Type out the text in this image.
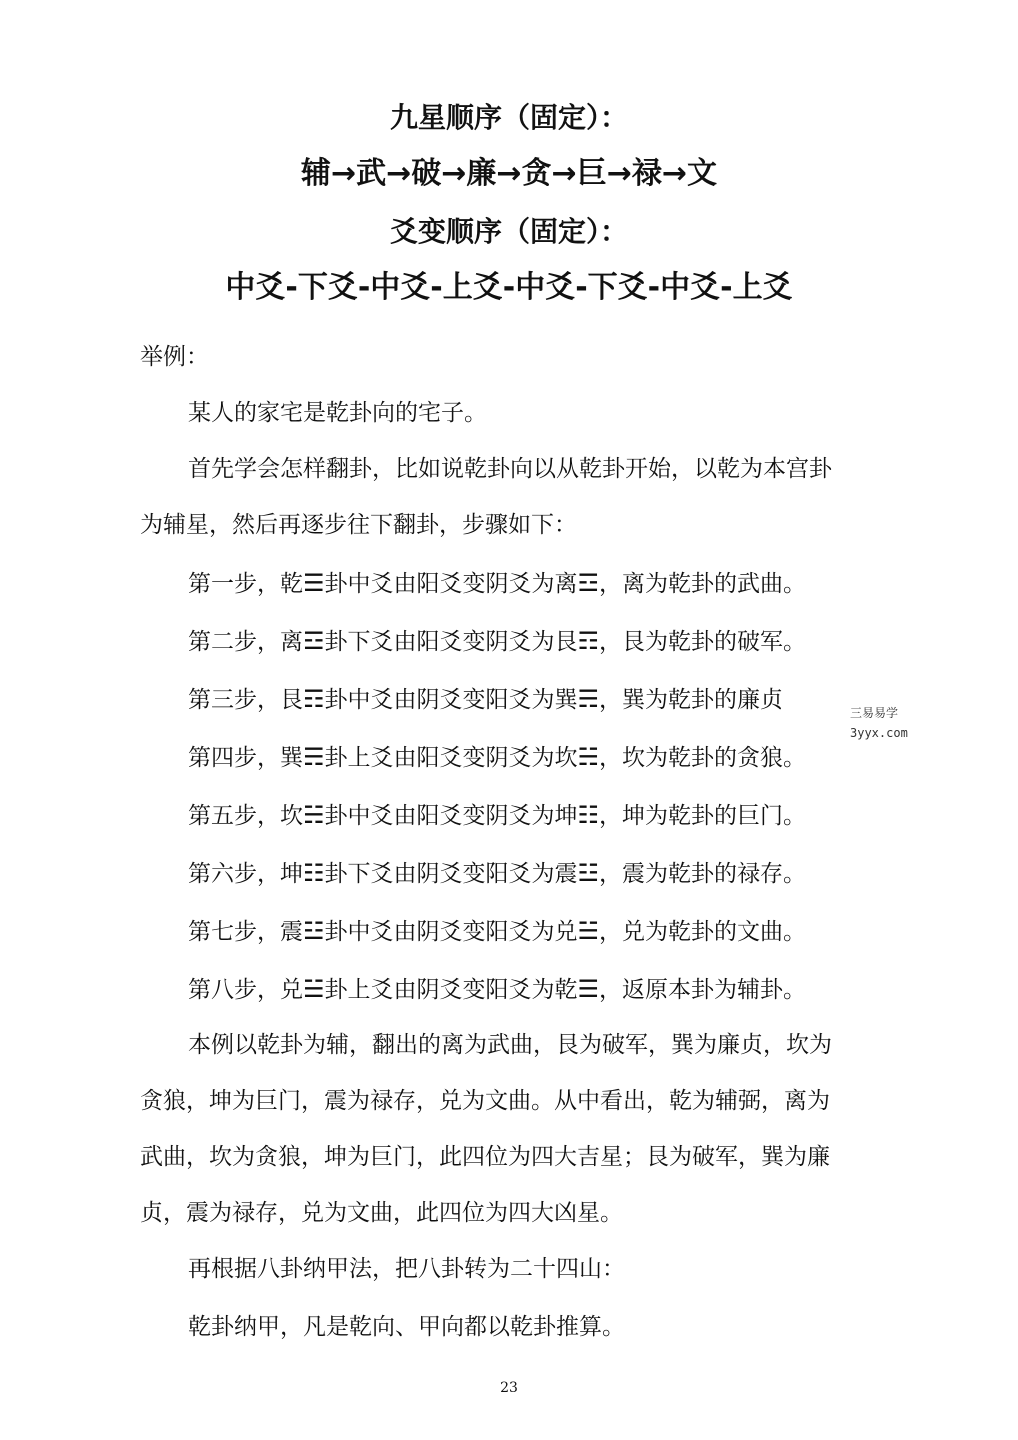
九星顺序（固定）：
辅→武→破→廉→贪→巨→禄→文
爻变顺序（固定）：
中爻-下爻-中爻-上爻-中爻-下爻-中爻-上爻
举例：
某人的家宅是乾卦向的宅子。
首先学会怎样翻卦，比如说乾卦向以从乾卦开始，以乾为本宫卦为辅星，然后再逐步往下翻卦，步骤如下：
第一步，乾☰卦中爻由阳爻变阴爻为离☲，离为乾卦的武曲。
第二步，离☲卦下爻由阳爻变阴爻为艮☶，艮为乾卦的破军。
第三步，艮☶卦中爻由阴爻变阳爻为巽☴，巽为乾卦的廉贞
第四步，巽☴卦上爻由阳爻变阴爻为坎☵，坎为乾卦的贪狼。
第五步，坎☵卦中爻由阳爻变阴爻为坤☷，坤为乾卦的巨门。
第六步，坤☷卦下爻由阴爻变阳爻为震☳，震为乾卦的禄存。
第七步，震☳卦中爻由阴爻变阳爻为兑☱，兑为乾卦的文曲。
第八步，兑☱卦上爻由阴爻变阳爻为乾☰，返原本卦为辅卦。
本例以乾卦为辅，翻出的离为武曲，艮为破军，巽为廉贞，坎为贪狼，坤为巨门，震为禄存，兑为文曲。从中看出，乾为辅弼，离为武曲，坎为贪狼，坤为巨门，此四位为四大吉星；艮为破军，巽为廉贞，震为禄存，兑为文曲，此四位为四大凶星。
再根据八卦纳甲法，把八卦转为二十四山：
乾卦纳甲，凡是乾向、甲向都以乾卦推算。
23
三易易学
3yyx.com
